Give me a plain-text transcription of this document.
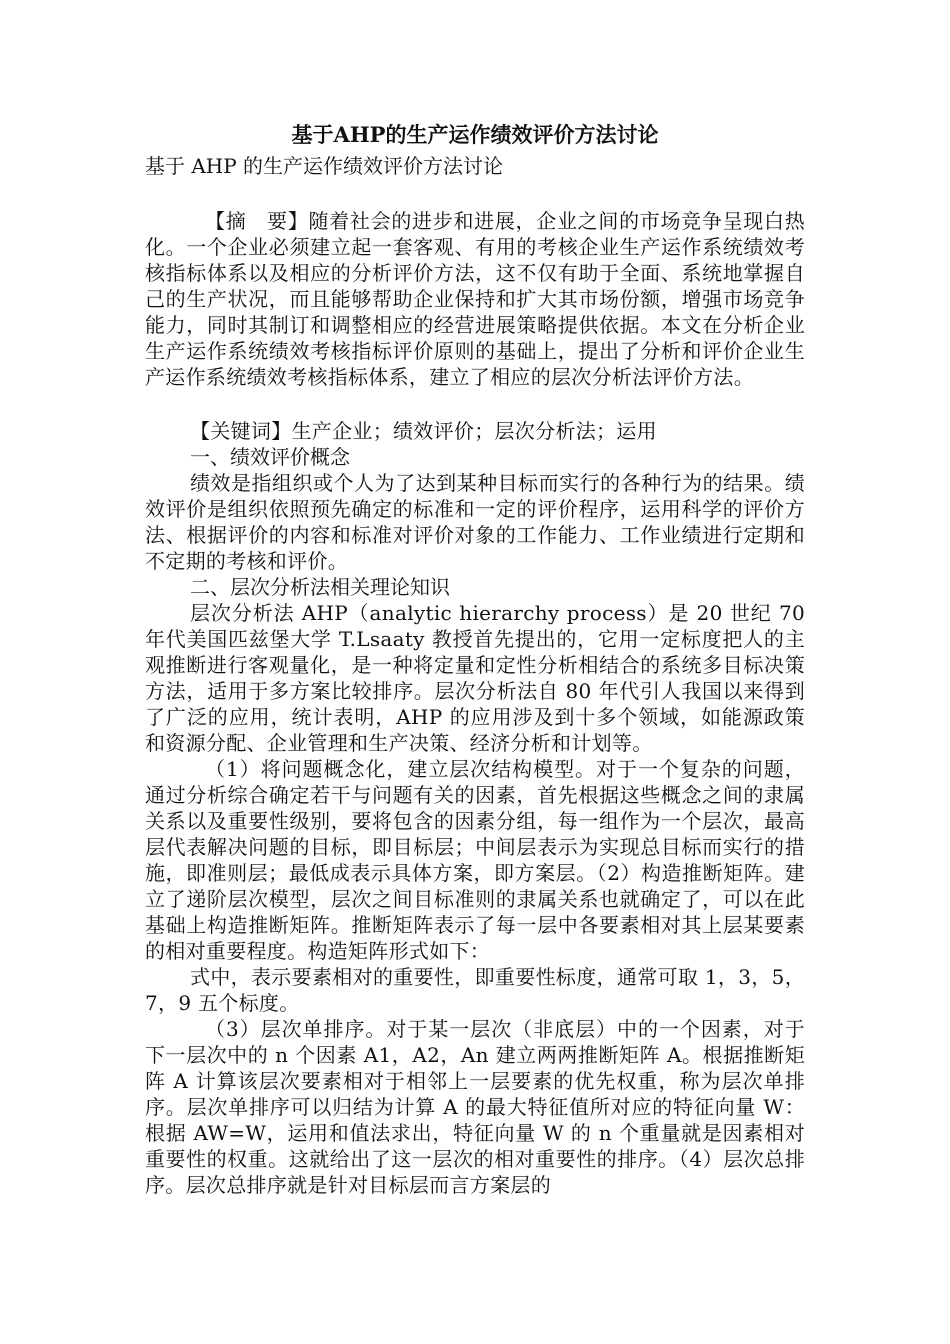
基于AHP的生产运作绩效评价方法讨论

基于 AHP 的生产运作绩效评价方法讨论

【摘　要】随着社会的进步和进展，企业之间的市场竞争呈现白热化。一个企业必须建立起一套客观、有用的考核企业生产运作系统绩效考核指标体系以及相应的分析评价方法，这不仅有助于全面、系统地掌握自己的生产状况，而且能够帮助企业保持和扩大其市场份额，增强市场竞争能力，同时其制订和调整相应的经营进展策略提供依据。本文在分析企业生产运作系统绩效考核指标评价原则的基础上，提出了分析和评价企业生产运作系统绩效考核指标体系，建立了相应的层次分析法评价方法。

【关键词】生产企业；绩效评价；层次分析法；运用

一、绩效评价概念

绩效是指组织或个人为了达到某种目标而实行的各种行为的结果。绩效评价是组织依照预先确定的标准和一定的评价程序，运用科学的评价方法、根据评价的内容和标准对评价对象的工作能力、工作业绩进行定期和不定期的考核和评价。

二、层次分析法相关理论知识

层次分析法 AHP（analytic hierarchy process）是 20 世纪 70 年代美国匹兹堡大学 T.Lsaaty 教授首先提出的，它用一定标度把人的主观推断进行客观量化，是一种将定量和定性分析相结合的系统多目标决策方法，适用于多方案比较排序。层次分析法自 80 年代引人我国以来得到了广泛的应用，统计表明，AHP 的应用涉及到十多个领域，如能源政策和资源分配、企业管理和生产决策、经济分析和计划等。

（1）将问题概念化，建立层次结构模型。对于一个复杂的问题，通过分析综合确定若干与问题有关的因素，首先根据这些概念之间的隶属关系以及重要性级别，要将包含的因素分组，每一组作为一个层次，最高层代表解决问题的目标，即目标层；中间层表示为实现总目标而实行的措施，即准则层；最低成表示具体方案，即方案层。（2）构造推断矩阵。建立了递阶层次模型，层次之间目标准则的隶属关系也就确定了，可以在此基础上构造推断矩阵。推断矩阵表示了每一层中各要素相对其上层某要素的相对重要程度。构造矩阵形式如下：

式中，表示要素相对的重要性，即重要性标度，通常可取 1，3，5，7，9 五个标度。

（3）层次单排序。对于某一层次（非底层）中的一个因素，对于下一层次中的 n 个因素 A1，A2，An 建立两两推断矩阵 A。根据推断矩阵 A 计算该层次要素相对于相邻上一层要素的优先权重，称为层次单排序。层次单排序可以归结为计算 A 的最大特征值所对应的特征向量 W：根据 AW=W，运用和值法求出，特征向量 W 的 n 个重量就是因素相对重要性的权重。这就给出了这一层次的相对重要性的排序。（4）层次总排序。层次总排序就是针对目标层而言方案层的
